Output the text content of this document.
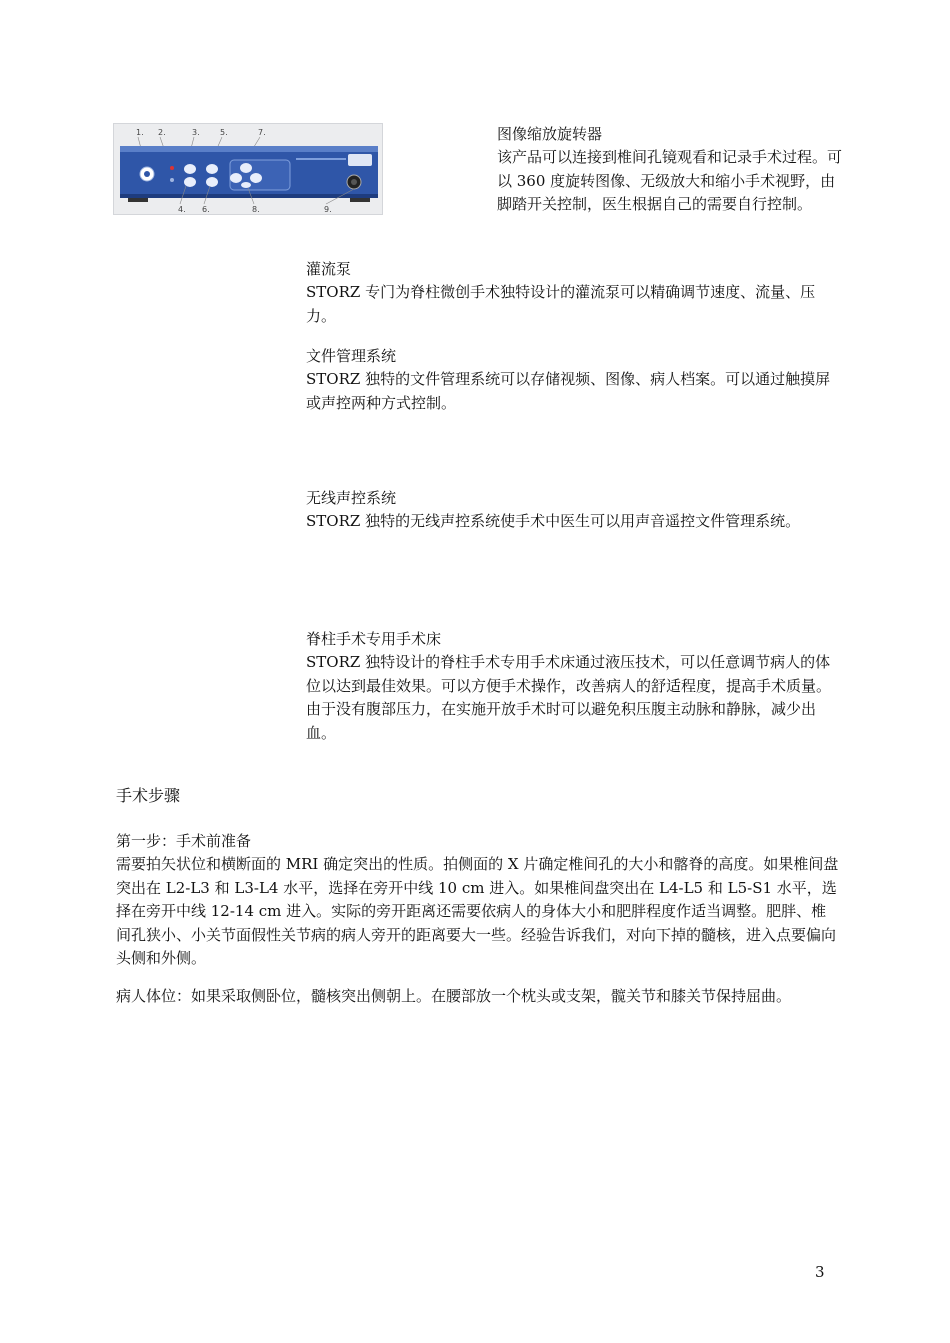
1. 2.	3.	5.	7.
4. 6.	8.	9.
图像缩放旋转器

该产品可以连接到椎间孔镜观看和记录手术过程。可以 360 度旋转图像、无级放大和缩小手术视野，由脚踏开关控制，医生根据自己的需要自行控制。

灌流泵

STORZ 专门为脊柱微创手术独特设计的灌流泵可以精确调节速度、流量、压力。

文件管理系统

STORZ 独特的文件管理系统可以存储视频、图像、病人档案。可以通过触摸屏或声控两种方式控制。

无线声控系统

STORZ 独特的无线声控系统使手术中医生可以用声音遥控文件管理系统。

脊柱手术专用手术床

STORZ 独特设计的脊柱手术专用手术床通过液压技术，可以任意调节病人的体位以达到最佳效果。可以方便手术操作，改善病人的舒适程度，提高手术质量。由于没有腹部压力，在实施开放手术时可以避免积压腹主动脉和静脉，减少出血。

手术步骤
第一步：手术前准备

需要拍矢状位和横断面的 MRI 确定突出的性质。拍侧面的 X 片确定椎间孔的大小和髂脊的高度。如果椎间盘突出在 L2-L3 和 L3-L4 水平，选择在旁开中线 10 cm 进入。如果椎间盘突出在 L4-L5 和 L5-S1 水平，选择在旁开中线 12-14 cm 进入。实际的旁开距离还需要依病人的身体大小和肥胖程度作适当调整。肥胖、椎间孔狭小、小关节面假性关节病的病人旁开的距离要大一些。经验告诉我们，对向下掉的髓核，进入点要偏向头侧和外侧。

病人体位：如果采取侧卧位，髓核突出侧朝上。在腰部放一个枕头或支架，髋关节和膝关节保持屈曲。

3
